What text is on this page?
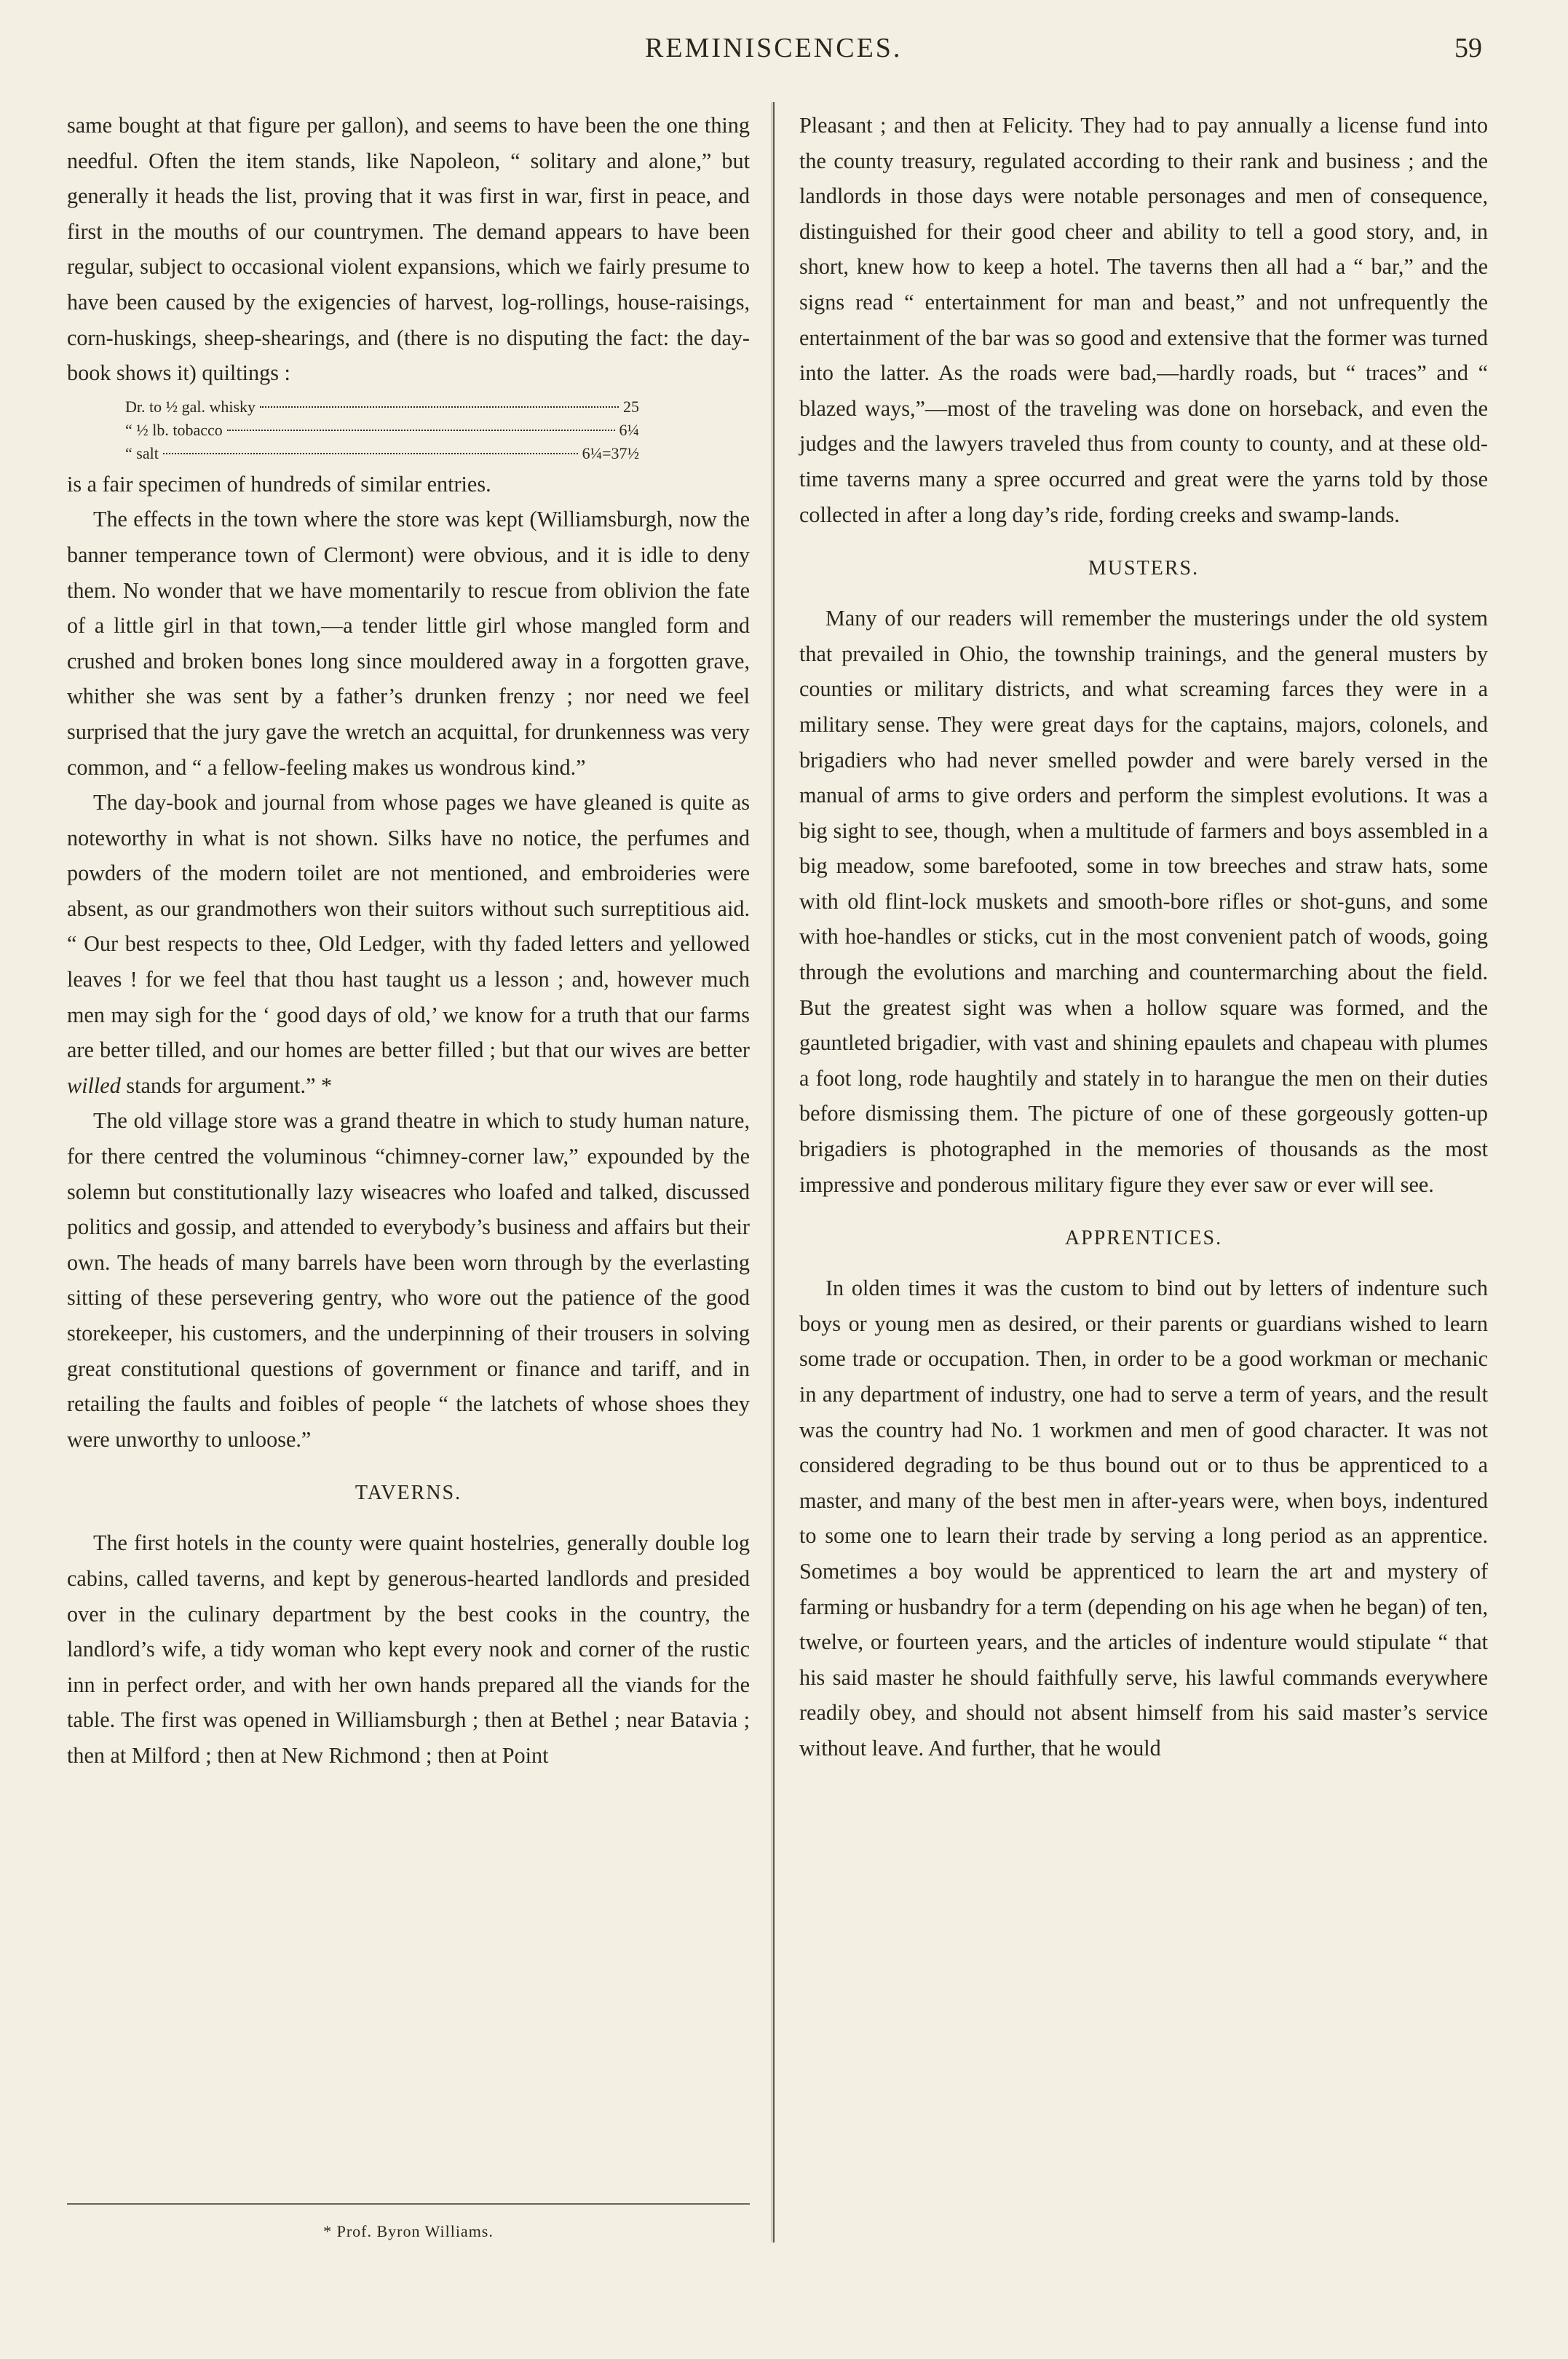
REMINISCENCES.	59

same bought at that figure per gallon), and seems to have been the one thing needful. Often the item stands, like Napoleon, “ solitary and alone,” but generally it heads the list, proving that it was first in war, first in peace, and first in the mouths of our countrymen. The demand appears to have been regular, subject to occasional violent expansions, which we fairly presume to have been caused by the exigencies of harvest, log-rollings, house-raisings, corn-huskings, sheep-shearings, and (there is no disputing the fact: the day-book shows it) quiltings :

Dr. to ½ gal. whisky	25
“ ½ lb. tobacco	6¼
“ salt	6¼=37½

is a fair specimen of hundreds of similar entries.

The effects in the town where the store was kept (Williamsburgh, now the banner temperance town of Clermont) were obvious, and it is idle to deny them. No wonder that we have momentarily to rescue from oblivion the fate of a little girl in that town,—a tender little girl whose mangled form and crushed and broken bones long since mouldered away in a forgotten grave, whither she was sent by a father’s drunken frenzy ; nor need we feel surprised that the jury gave the wretch an acquittal, for drunkenness was very common, and “ a fellow-feeling makes us wondrous kind.”

The day-book and journal from whose pages we have gleaned is quite as noteworthy in what is not shown. Silks have no notice, the perfumes and powders of the modern toilet are not mentioned, and embroideries were absent, as our grandmothers won their suitors without such surreptitious aid. “ Our best respects to thee, Old Ledger, with thy faded letters and yellowed leaves ! for we feel that thou hast taught us a lesson ; and, however much men may sigh for the ‘ good days of old,’ we know for a truth that our farms are better tilled, and our homes are better filled ; but that our wives are better willed stands for argument.” *

The old village store was a grand theatre in which to study human nature, for there centred the voluminous “chimney-corner law,” expounded by the solemn but constitutionally lazy wiseacres who loafed and talked, discussed politics and gossip, and attended to everybody’s business and affairs but their own. The heads of many barrels have been worn through by the everlasting sitting of these persevering gentry, who wore out the patience of the good storekeeper, his customers, and the underpinning of their trousers in solving great constitutional questions of government or finance and tariff, and in retailing the faults and foibles of people “ the latchets of whose shoes they were unworthy to unloose.”

TAVERNS.

The first hotels in the county were quaint hostelries, generally double log cabins, called taverns, and kept by generous-hearted landlords and presided over in the culinary department by the best cooks in the country, the landlord’s wife, a tidy woman who kept every nook and corner of the rustic inn in perfect order, and with her own hands prepared all the viands for the table. The first was opened in Williamsburgh ; then at Bethel ; near Batavia ; then at Milford ; then at New Richmond ; then at Point

* Prof. Byron Williams.

Pleasant ; and then at Felicity. They had to pay annually a license fund into the county treasury, regulated according to their rank and business ; and the landlords in those days were notable personages and men of consequence, distinguished for their good cheer and ability to tell a good story, and, in short, knew how to keep a hotel. The taverns then all had a “ bar,” and the signs read “ entertainment for man and beast,” and not unfrequently the entertainment of the bar was so good and extensive that the former was turned into the latter. As the roads were bad,—hardly roads, but “ traces” and “ blazed ways,”—most of the traveling was done on horseback, and even the judges and the lawyers traveled thus from county to county, and at these old-time taverns many a spree occurred and great were the yarns told by those collected in after a long day’s ride, fording creeks and swamp-lands.

MUSTERS.

Many of our readers will remember the musterings under the old system that prevailed in Ohio, the township trainings, and the general musters by counties or military districts, and what screaming farces they were in a military sense. They were great days for the captains, majors, colonels, and brigadiers who had never smelled powder and were barely versed in the manual of arms to give orders and perform the simplest evolutions. It was a big sight to see, though, when a multitude of farmers and boys assembled in a big meadow, some barefooted, some in tow breeches and straw hats, some with old flint-lock muskets and smooth-bore rifles or shot-guns, and some with hoe-handles or sticks, cut in the most convenient patch of woods, going through the evolutions and marching and countermarching about the field. But the greatest sight was when a hollow square was formed, and the gauntleted brigadier, with vast and shining epaulets and chapeau with plumes a foot long, rode haughtily and stately in to harangue the men on their duties before dismissing them. The picture of one of these gorgeously gotten-up brigadiers is photographed in the memories of thousands as the most impressive and ponderous military figure they ever saw or ever will see.

APPRENTICES.

In olden times it was the custom to bind out by letters of indenture such boys or young men as desired, or their parents or guardians wished to learn some trade or occupation. Then, in order to be a good workman or mechanic in any department of industry, one had to serve a term of years, and the result was the country had No. 1 workmen and men of good character. It was not considered degrading to be thus bound out or to thus be apprenticed to a master, and many of the best men in after-years were, when boys, indentured to some one to learn their trade by serving a long period as an apprentice. Sometimes a boy would be apprenticed to learn the art and mystery of farming or husbandry for a term (depending on his age when he began) of ten, twelve, or fourteen years, and the articles of indenture would stipulate “ that his said master he should faithfully serve, his lawful commands everywhere readily obey, and should not absent himself from his said master’s service without leave. And further, that he would
